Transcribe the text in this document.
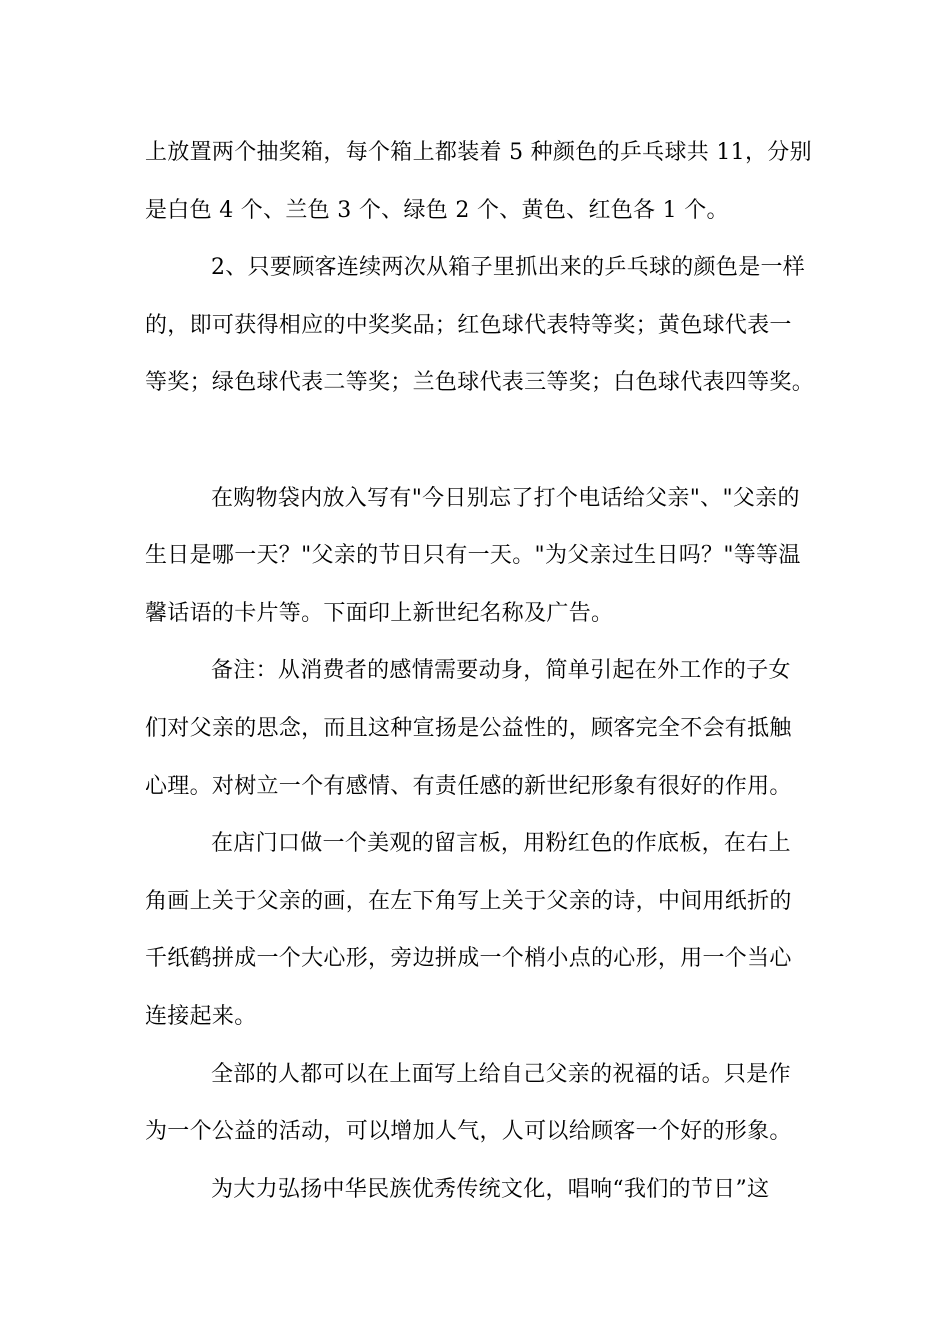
上放置两个抽奖箱，每个箱上都装着 5 种颜色的乒乓球共 11，分别
是白色 4 个、兰色 3 个、绿色 2 个、黄色、红色各 1 个。

2、只要顾客连续两次从箱子里抓出来的乒乓球的颜色是一样
的，即可获得相应的中奖奖品；红色球代表特等奖；黄色球代表一
等奖；绿色球代表二等奖；兰色球代表三等奖；白色球代表四等奖。

在购物袋内放入写有"今日别忘了打个电话给父亲"、"父亲的
生日是哪一天？"父亲的节日只有一天。"为父亲过生日吗？"等等温
馨话语的卡片等。下面印上新世纪名称及广告。

备注：从消费者的感情需要动身，简单引起在外工作的子女
们对父亲的思念，而且这种宣扬是公益性的，顾客完全不会有抵触
心理。对树立一个有感情、有责任感的新世纪形象有很好的作用。

在店门口做一个美观的留言板，用粉红色的作底板，在右上
角画上关于父亲的画，在左下角写上关于父亲的诗，中间用纸折的
千纸鹤拼成一个大心形，旁边拼成一个梢小点的心形，用一个当心
连接起来。

全部的人都可以在上面写上给自己父亲的祝福的话。只是作
为一个公益的活动，可以增加人气，人可以给顾客一个好的形象。

为大力弘扬中华民族优秀传统文化，唱响“我们的节日”这
